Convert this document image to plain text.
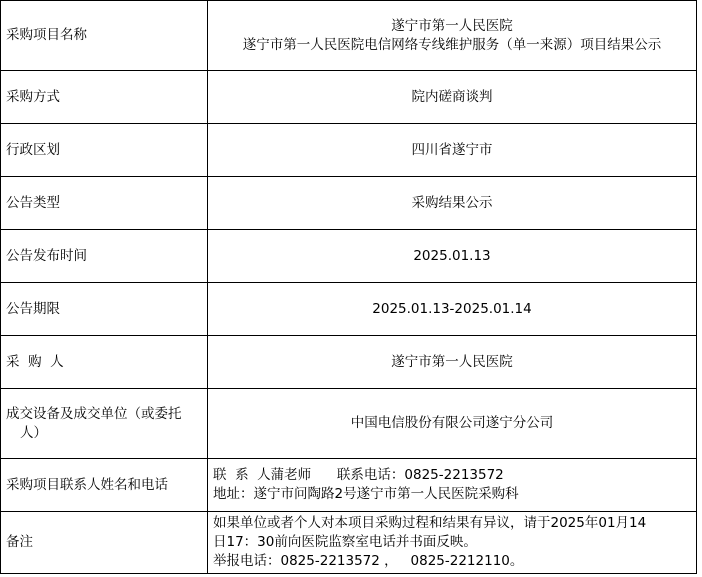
采购项目名称	遂宁市第一人民医院
遂宁市第一人民医院电信网络专线维护服务（单一来源）项目结果公示

采购方式	院内磋商谈判
行政区划	四川省遂宁市
公告类型	采购结果公示
公告发布时间	2025.01.13
公告期限	2025.01.13-2025.01.14
采  购  人	遂宁市第一人民医院

成交设备及成交单位（或委托
人）	中国电信股份有限公司遂宁分公司
采购项目联系人姓名和电话	联  系  人蒲老师      联系电话：0825-2213572
地址：遂宁市问陶路2号遂宁市第一人民医院采购科

备注	如果单位或者个人对本项目采购过程和结果有异议，请于2025年01月14
日17：30前向医院监察室电话并书面反映。
举报电话：0825-2213572 ，   0825-2212110。
